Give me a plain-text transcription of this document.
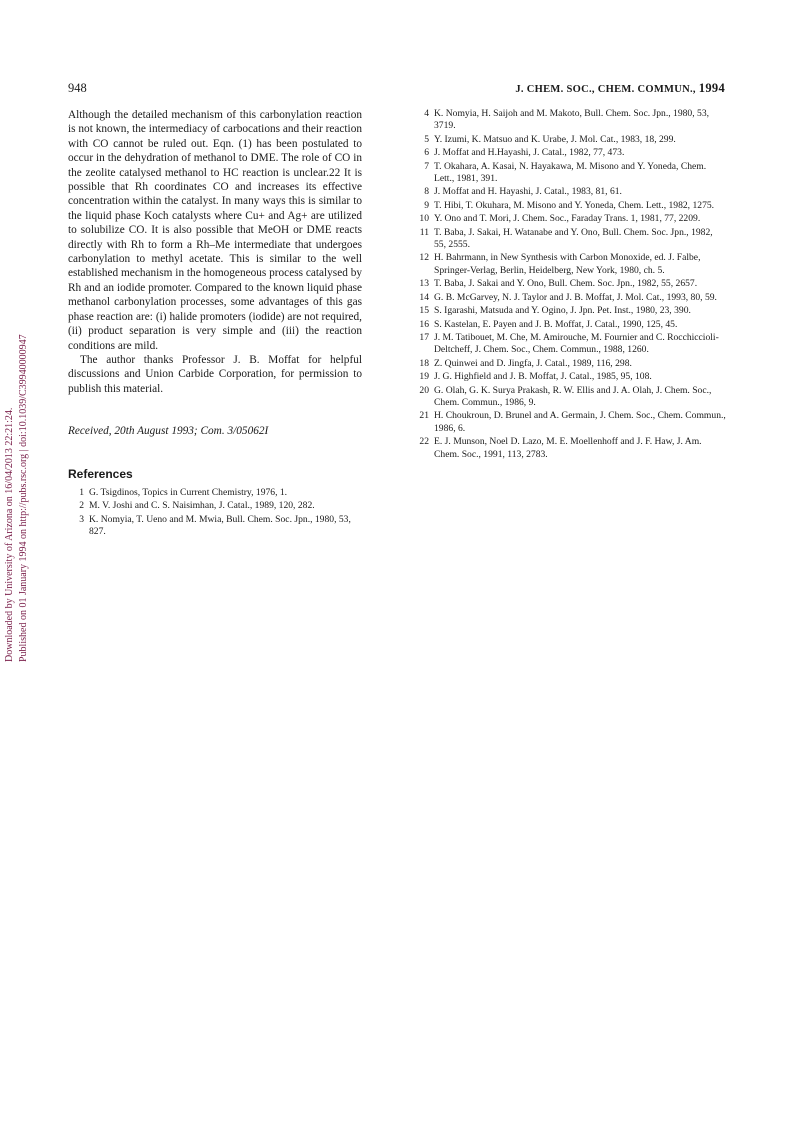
Downloaded by University of Arizona on 16/04/2013 22:21:24. Published on 01 January 1994 on http://pubs.rsc.org | doi:10.1039/C39940000947
948	J. CHEM. SOC., CHEM. COMMUN., 1994

Although the detailed mechanism of this carbonylation reaction is not known, the intermediacy of carbocations and their reaction with CO cannot be ruled out. Eqn. (1) has been postulated to occur in the dehydration of methanol to DME. The role of CO in the zeolite catalysed methanol to HC reaction is unclear.22 It is possible that Rh coordinates CO and increases its effective concentration within the catalyst. In many ways this is similar to the liquid phase Koch catalysts where Cu+ and Ag+ are utilized to solubilize CO. It is also possible that MeOH or DME reacts directly with Rh to form a Rh–Me intermediate that undergoes carbonylation to methyl acetate. This is similar to the well established mechanism in the homogeneous process catalysed by Rh and an iodide promoter. Compared to the known liquid phase methanol carbonylation processes, some advantages of this gas phase reaction are: (i) halide promoters (iodide) are not required, (ii) product separation is very simple and (iii) the reaction conditions are mild.

The author thanks Professor J. B. Moffat for helpful discussions and Union Carbide Corporation, for permission to publish this material.

Received, 20th August 1993; Com. 3/05062I

References
1 G. Tsigdinos, Topics in Current Chemistry, 1976, 1.
2 M. V. Joshi and C. S. Naisimhan, J. Catal., 1989, 120, 282.
3 K. Nomyia, T. Ueno and M. Mwia, Bull. Chem. Soc. Jpn., 1980, 53, 827.
4 K. Nomyia, H. Saijoh and M. Makoto, Bull. Chem. Soc. Jpn., 1980, 53, 3719.
5 Y. Izumi, K. Matsuo and K. Urabe, J. Mol. Cat., 1983, 18, 299.
6 J. Moffat and H.Hayashi, J. Catal., 1982, 77, 473.
7 T. Okahara, A. Kasai, N. Hayakawa, M. Misono and Y. Yoneda, Chem. Lett., 1981, 391.
8 J. Moffat and H. Hayashi, J. Catal., 1983, 81, 61.
9 T. Hibi, T. Okuhara, M. Misono and Y. Yoneda, Chem. Lett., 1982, 1275.
10 Y. Ono and T. Mori, J. Chem. Soc., Faraday Trans. 1, 1981, 77, 2209.
11 T. Baba, J. Sakai, H. Watanabe and Y. Ono, Bull. Chem. Soc. Jpn., 1982, 55, 2555.
12 H. Bahrmann, in New Synthesis with Carbon Monoxide, ed. J. Falbe, Springer-Verlag, Berlin, Heidelberg, New York, 1980, ch. 5.
13 T. Baba, J. Sakai and Y. Ono, Bull. Chem. Soc. Jpn., 1982, 55, 2657.
14 G. B. McGarvey, N. J. Taylor and J. B. Moffat, J. Mol. Cat., 1993, 80, 59.
15 S. Igarashi, Matsuda and Y. Ogino, J. Jpn. Pet. Inst., 1980, 23, 390.
16 S. Kastelan, E. Payen and J. B. Moffat, J. Catal., 1990, 125, 45.
17 J. M. Tatibouet, M. Che, M. Amirouche, M. Fournier and C. Rocchiccioli-Deltcheff, J. Chem. Soc., Chem. Commun., 1988, 1260.
18 Z. Quinwei and D. Jingfa, J. Catal., 1989, 116, 298.
19 J. G. Highfield and J. B. Moffat, J. Catal., 1985, 95, 108.
20 G. Olah, G. K. Surya Prakash, R. W. Ellis and J. A. Olah, J. Chem. Soc., Chem. Commun., 1986, 9.
21 H. Choukroun, D. Brunel and A. Germain, J. Chem. Soc., Chem. Commun., 1986, 6.
22 E. J. Munson, Noel D. Lazo, M. E. Moellenhoff and J. F. Haw, J. Am. Chem. Soc., 1991, 113, 2783.
